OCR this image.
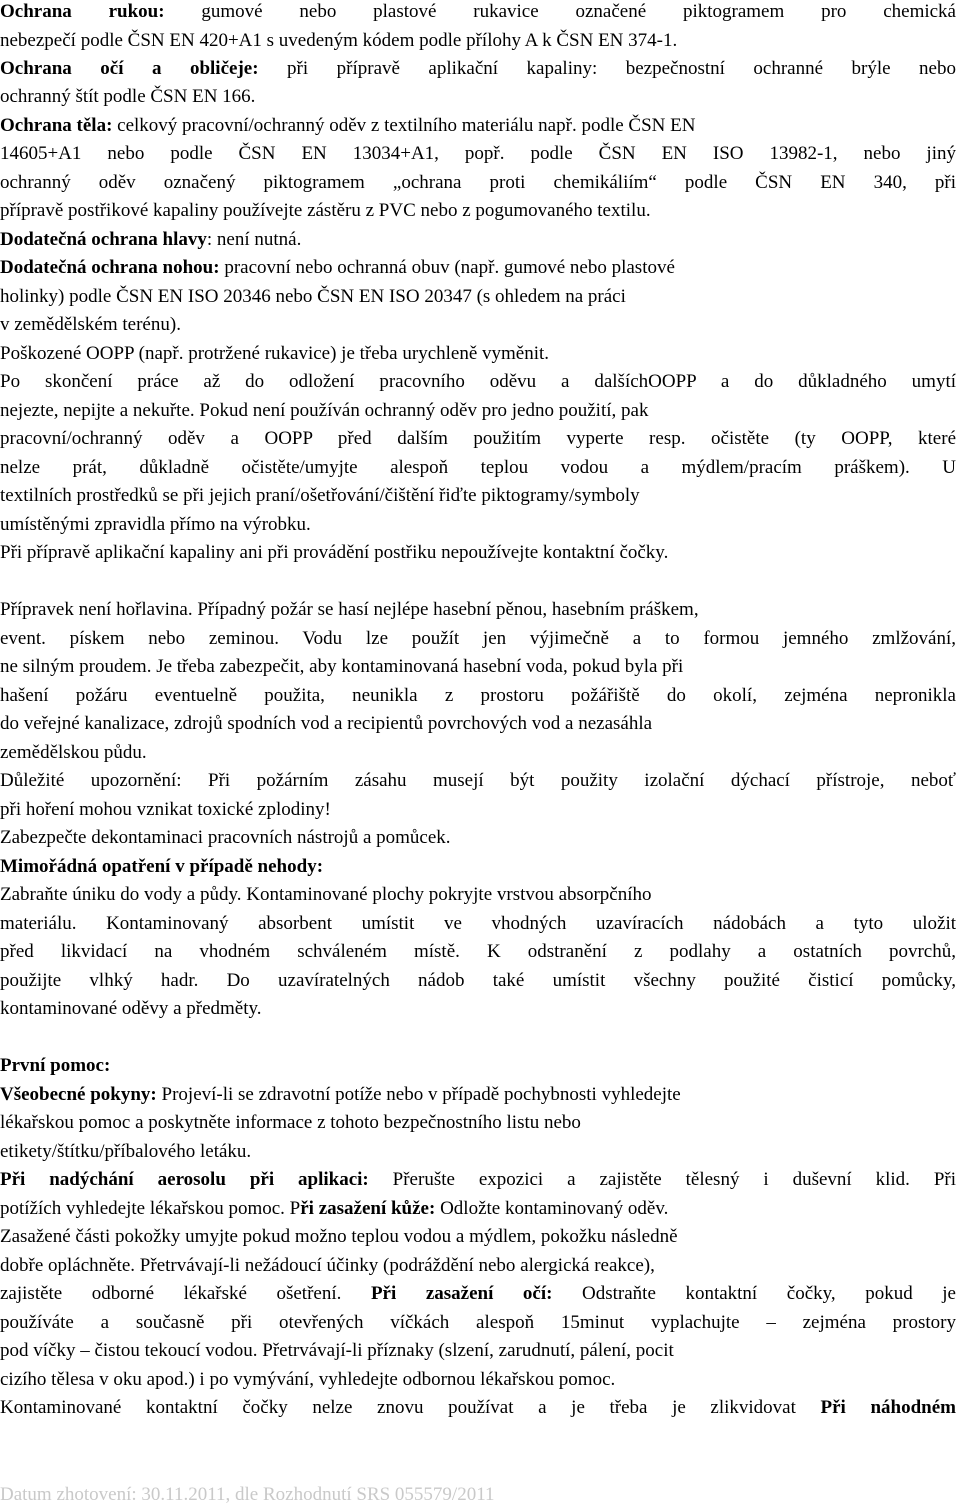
Ochrana rukou: gumové nebo plastové rukavice označené piktogramem pro chemická
nebezpečí podle ČSN EN 420+A1 s uvedeným kódem podle přílohy A k ČSN EN 374-1.
Ochrana očí a obličeje: při přípravě aplikační kapaliny: bezpečnostní ochranné brýle nebo
ochranný štít podle ČSN EN 166.
Ochrana těla: celkový pracovní/ochranný oděv z textilního materiálu např. podle ČSN EN
14605+A1 nebo podle ČSN EN 13034+A1, popř. podle ČSN EN ISO 13982-1, nebo jiný
ochranný oděv označený piktogramem „ochrana proti chemikáliím“ podle ČSN EN 340, při
přípravě postřikové kapaliny používejte zástěru z PVC nebo z pogumovaného textilu.
Dodatečná ochrana hlavy: není nutná.
Dodatečná ochrana nohou: pracovní nebo ochranná obuv (např. gumové nebo plastové
holinky) podle ČSN EN ISO 20346 nebo ČSN EN ISO 20347 (s ohledem na práci
v zemědělském terénu).
Poškozené OOPP (např. protržené rukavice) je třeba urychleně vyměnit.
Po skončení práce až do odložení pracovního oděvu a dalšíchOOPP a do důkladného umytí
nejezte, nepijte a nekuřte. Pokud není používán ochranný oděv pro jedno použití, pak
pracovní/ochranný oděv a OOPP před dalším použitím vyperte resp. očistěte (ty OOPP, které
nelze prát, důkladně očistěte/umyjte alespoň teplou vodou a mýdlem/pracím práškem). U
textilních prostředků se při jejich praní/ošetřování/čištění řiďte piktogramy/symboly
umístěnými zpravidla přímo na výrobku.
Při přípravě aplikační kapaliny ani při provádění postřiku nepoužívejte kontaktní čočky.
Přípravek není hořlavina. Případný požár se hasí nejlépe hasební pěnou, hasebním práškem,
event. pískem nebo zeminou. Vodu lze použít jen výjimečně a to formou jemného zmlžování,
ne silným proudem. Je třeba zabezpečit, aby kontaminovaná hasební voda, pokud byla při
hašení požáru eventuelně použita, neunikla z prostoru požářiště do okolí, zejména nepronikla
do veřejné kanalizace, zdrojů spodních vod a recipientů povrchových vod a nezasáhla
zemědělskou půdu.
Důležité upozornění: Při požárním zásahu musejí být použity izolační dýchací přístroje, neboť
při hoření mohou vznikat toxické zplodiny!
Zabezpečte dekontaminaci pracovních nástrojů a pomůcek.
Mimořádná opatření v případě nehody:
Zabraňte úniku do vody a půdy. Kontaminované plochy pokryjte vrstvou absorpčního
materiálu. Kontaminovaný absorbent umístit ve vhodných uzavíracích nádobách a tyto uložit
před likvidací na vhodném schváleném místě. K odstranění z podlahy a ostatních povrchů,
použijte vlhký hadr. Do uzavíratelných nádob také umístit všechny použité čisticí pomůcky,
kontaminované oděvy a předměty.
První pomoc:
Všeobecné pokyny: Projeví-li se zdravotní potíže nebo v případě pochybnosti vyhledejte
lékařskou pomoc a poskytněte informace z tohoto bezpečnostního listu nebo
etikety/štítku/příbalového letáku.
Při nadýchání aerosolu při aplikaci: Přerušte expozici a zajistěte tělesný i duševní klid. Při
potížích vyhledejte lékařskou pomoc. Při zasažení kůže: Odložte kontaminovaný oděv.
Zasažené části pokožky umyjte pokud možno teplou vodou a mýdlem, pokožku následně
dobře opláchněte. Přetrvávají-li nežádoucí účinky (podráždění nebo alergická reakce),
zajistěte odborné lékařské ošetření. Při zasažení očí: Odstraňte kontaktní čočky, pokud je
používáte a současně při otevřených víčkách alespoň 15minut vyplachujte – zejména prostory
pod víčky – čistou tekoucí vodou. Přetrvávají-li příznaky (slzení, zarudnutí, pálení, pocit
cizího tělesa v oku apod.) i po vymývání, vyhledejte odbornou lékařskou pomoc.
Kontaminované kontaktní čočky nelze znovu používat a je třeba je zlikvidovat Při náhodném
Datum zhotovení: 30.11.2011, dle Rozhodnutí SRS 055579/2011
